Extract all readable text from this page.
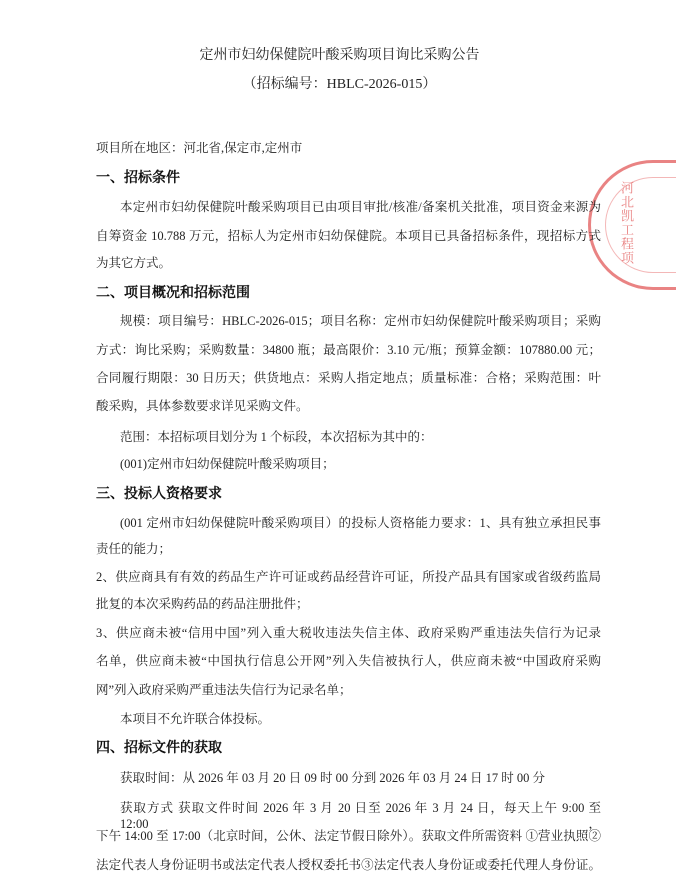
定州市妇幼保健院叶酸采购项目询比采购公告
（招标编号：HBLC-2026-015）
河北凯工程项
项目所在地区：河北省,保定市,定州市
一、招标条件
本定州市妇幼保健院叶酸采购项目已由项目审批/核准/备案机关批准，项目资金来源为
自筹资金 10.788 万元，招标人为定州市妇幼保健院。本项目已具备招标条件，现招标方式
为其它方式。
二、项目概况和招标范围
规模：项目编号：HBLC-2026-015；项目名称：定州市妇幼保健院叶酸采购项目；采购
方式：询比采购；采购数量：34800 瓶；最高限价：3.10 元/瓶；预算金额：107880.00 元；
合同履行期限：30 日历天；供货地点：采购人指定地点；质量标准：合格；采购范围：叶
酸采购，具体参数要求详见采购文件。
范围：本招标项目划分为 1 个标段，本次招标为其中的：
(001)定州市妇幼保健院叶酸采购项目；
三、投标人资格要求
(001 定州市妇幼保健院叶酸采购项目）的投标人资格能力要求：1、具有独立承担民事
责任的能力；
2、供应商具有有效的药品生产许可证或药品经营许可证，所投产品具有国家或省级药监局
批复的本次采购药品的药品注册批件；
3、供应商未被“信用中国”列入重大税收违法失信主体、政府采购严重违法失信行为记录
名单，供应商未被“中国执行信息公开网”列入失信被执行人，供应商未被“中国政府采购
网”列入政府采购严重违法失信行为记录名单；
本项目不允许联合体投标。
四、招标文件的获取
获取时间：从 2026 年 03 月 20 日 09 时 00 分到 2026 年 03 月 24 日 17 时 00 分
获取方式 获取文件时间 2026 年 3 月 20 日至 2026 年 3 月 24 日，每天上午 9:00 至 12:00，
下午 14:00 至 17:00（北京时间，公休、法定节假日除外）。获取文件所需资料 ①营业执照②
法定代表人身份证明书或法定代表人授权委托书③法定代表人身份证或委托代理人身份证。
